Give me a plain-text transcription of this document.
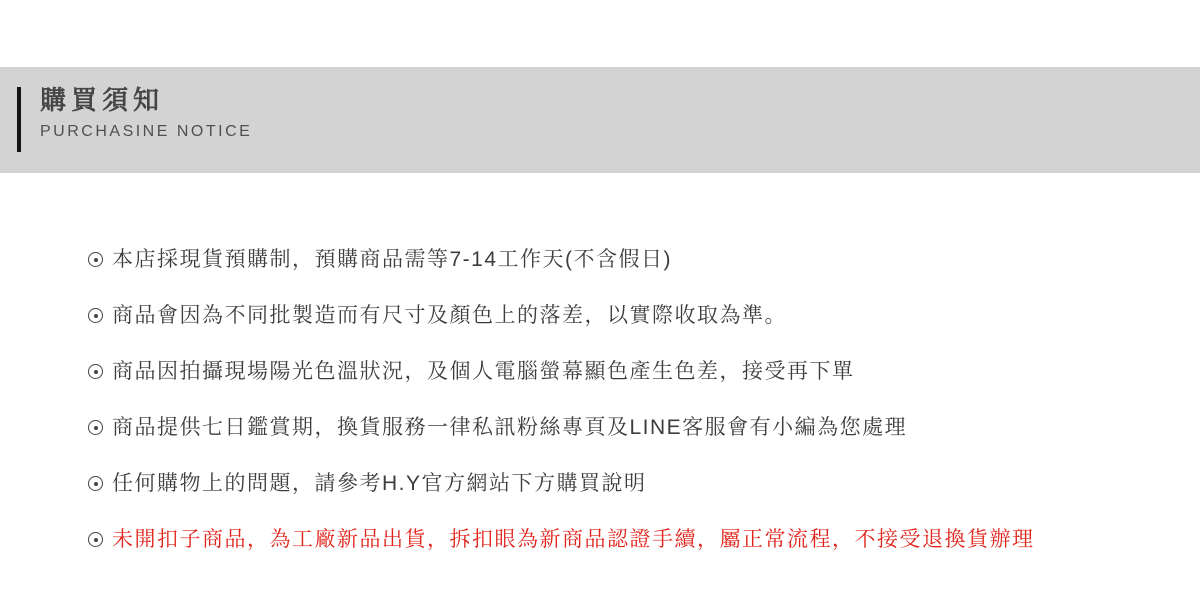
購買須知
PURCHASINE NOTICE
本店採現貨預購制，預購商品需等7-14工作天(不含假日)
商品會因為不同批製造而有尺寸及顏色上的落差，以實際收取為準。
商品因拍攝現場陽光色溫狀況，及個人電腦螢幕顯色產生色差，接受再下單
商品提供七日鑑賞期，換貨服務一律私訊粉絲專頁及LINE客服會有小編為您處理
任何購物上的問題，請參考H.Y官方網站下方購買說明
未開扣子商品，為工廠新品出貨，拆扣眼為新商品認證手續，屬正常流程，不接受退換貨辦理
